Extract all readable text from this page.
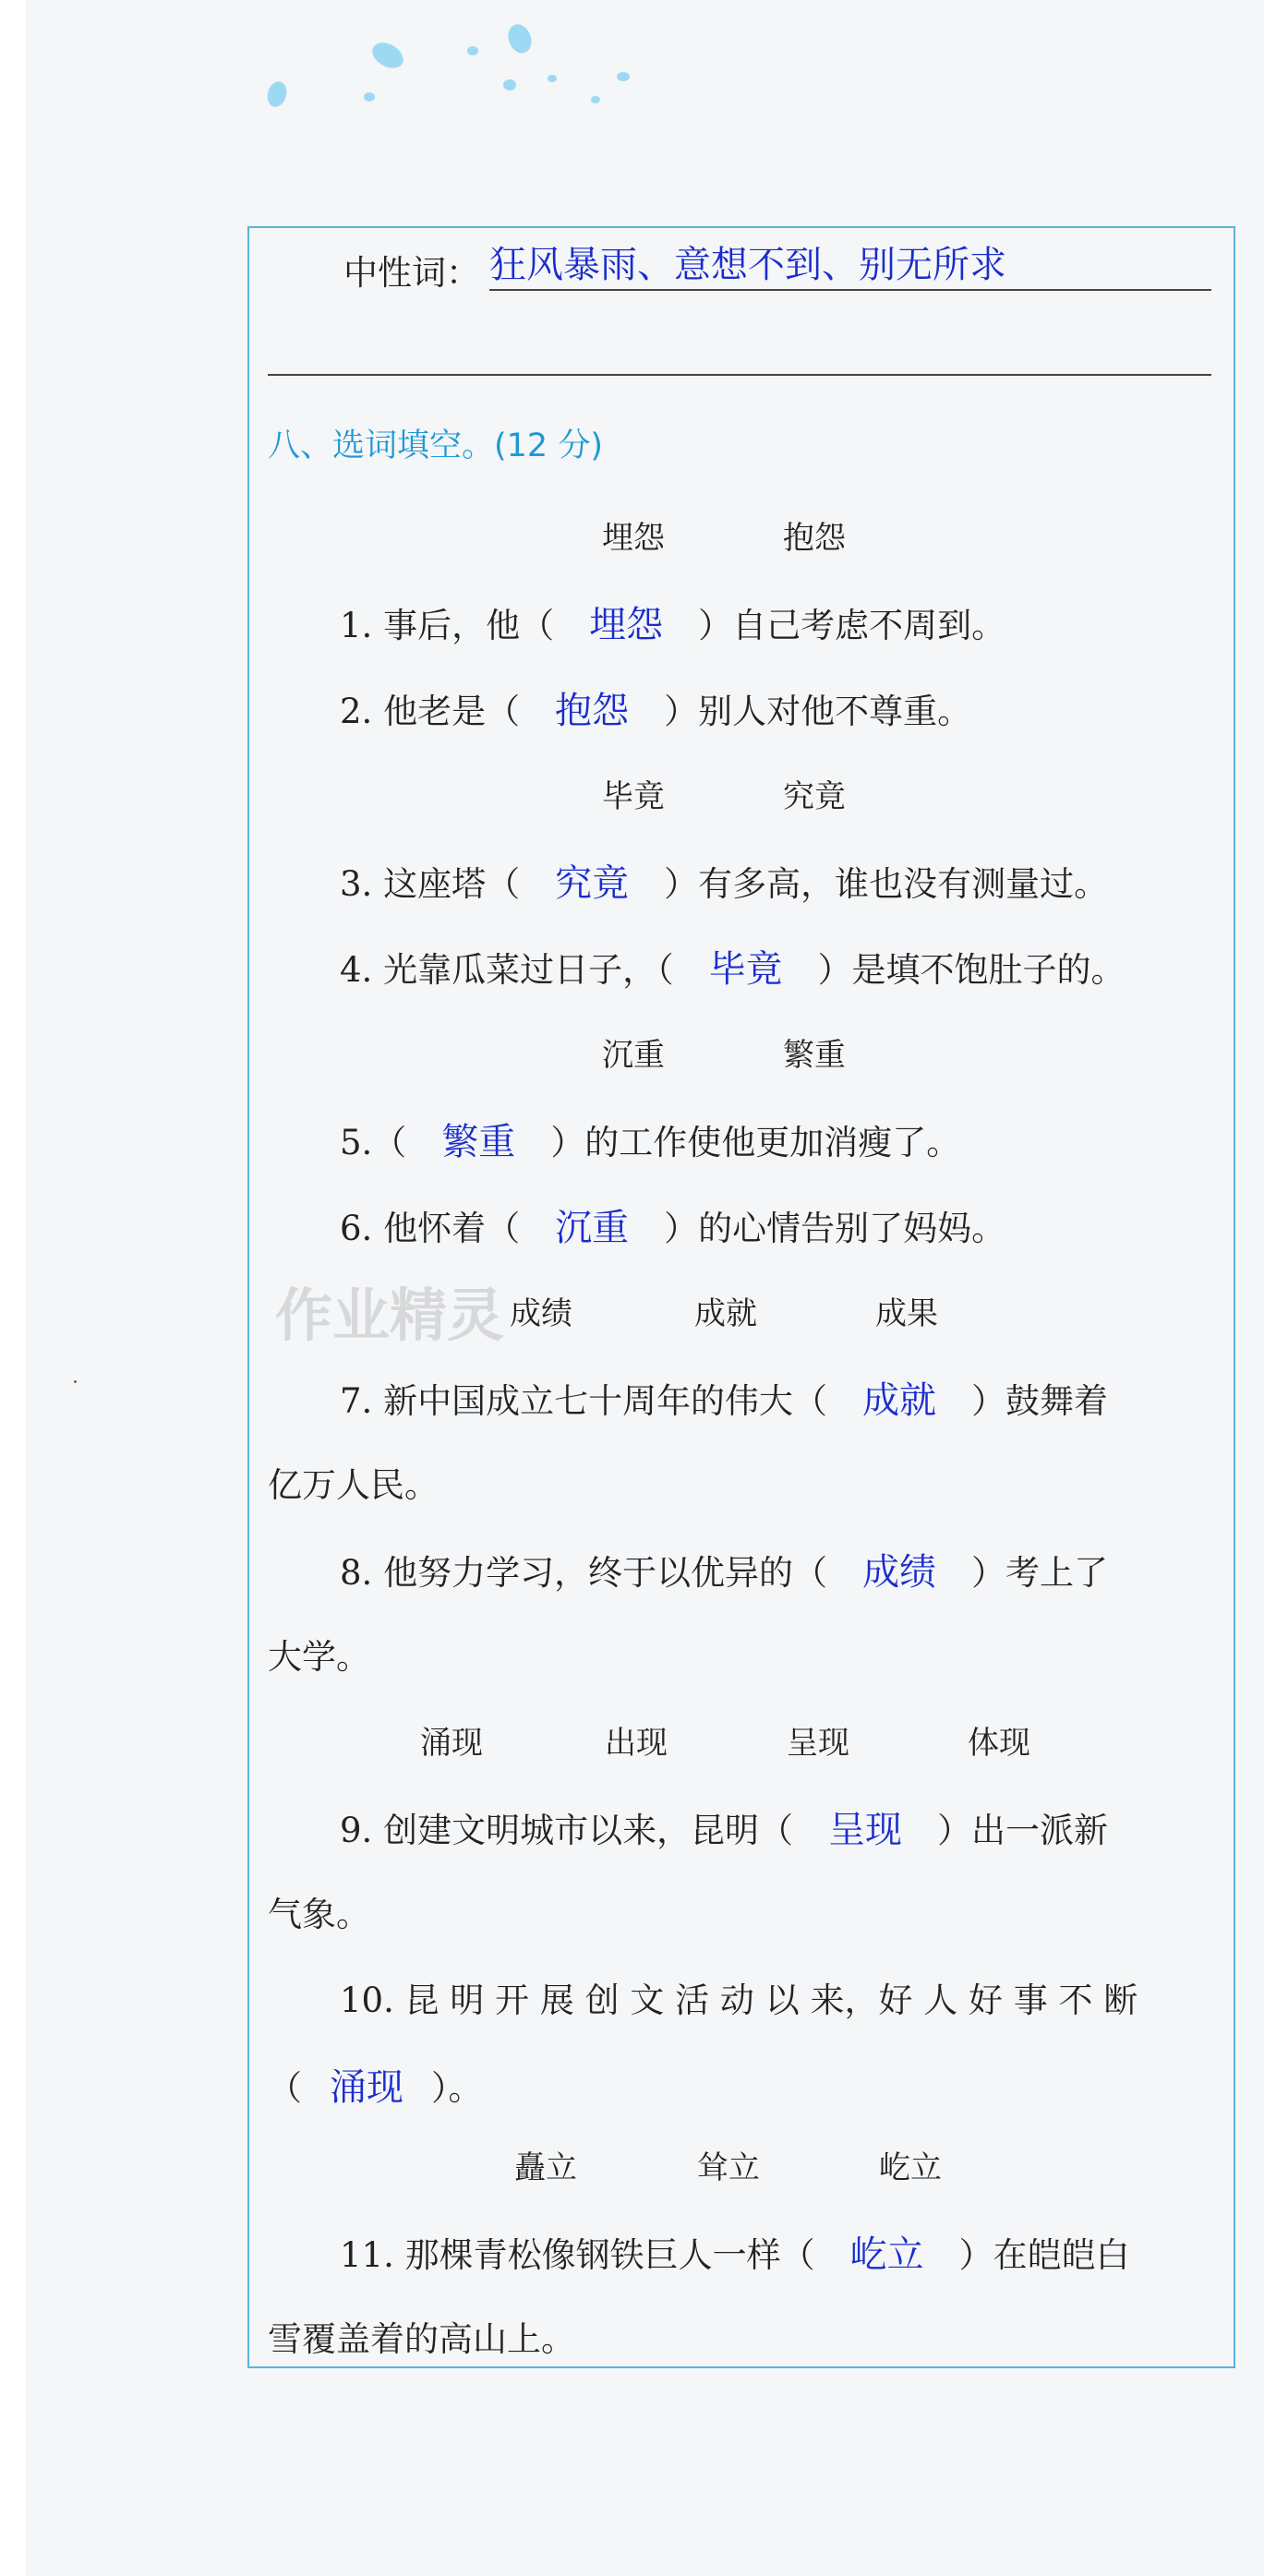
中性词： 狂风暴雨、意想不到、别无所求
八、选词填空。(12 分)
埋怨	抱怨
1. 事后，他（ 埋怨 ）自己考虑不周到。
2. 他老是（ 抱怨 ）别人对他不尊重。
毕竟	究竟
3. 这座塔（ 究竟 ）有多高，谁也没有测量过。
4. 光靠瓜菜过日子，（ 毕竟 ）是填不饱肚子的。
沉重	繁重
5.（ 繁重 ）的工作使他更加消瘦了。
6. 他怀着（ 沉重 ）的心情告别了妈妈。
作业精灵 成绩	成就	成果
7. 新中国成立七十周年的伟大（ 成就 ）鼓舞着
亿万人民。
8. 他努力学习，终于以优异的（ 成绩 ）考上了
大学。
涌现	出现	呈现	体现
9. 创建文明城市以来，昆明（ 呈现 ）出一派新
气象。
10. 昆 明 开 展 创 文 活 动 以 来，好 人 好 事 不 断
（ 涌现 ）。
矗立	耸立	屹立
11. 那棵青松像钢铁巨人一样（ 屹立 ）在皑皑白
雪覆盖着的高山上。
